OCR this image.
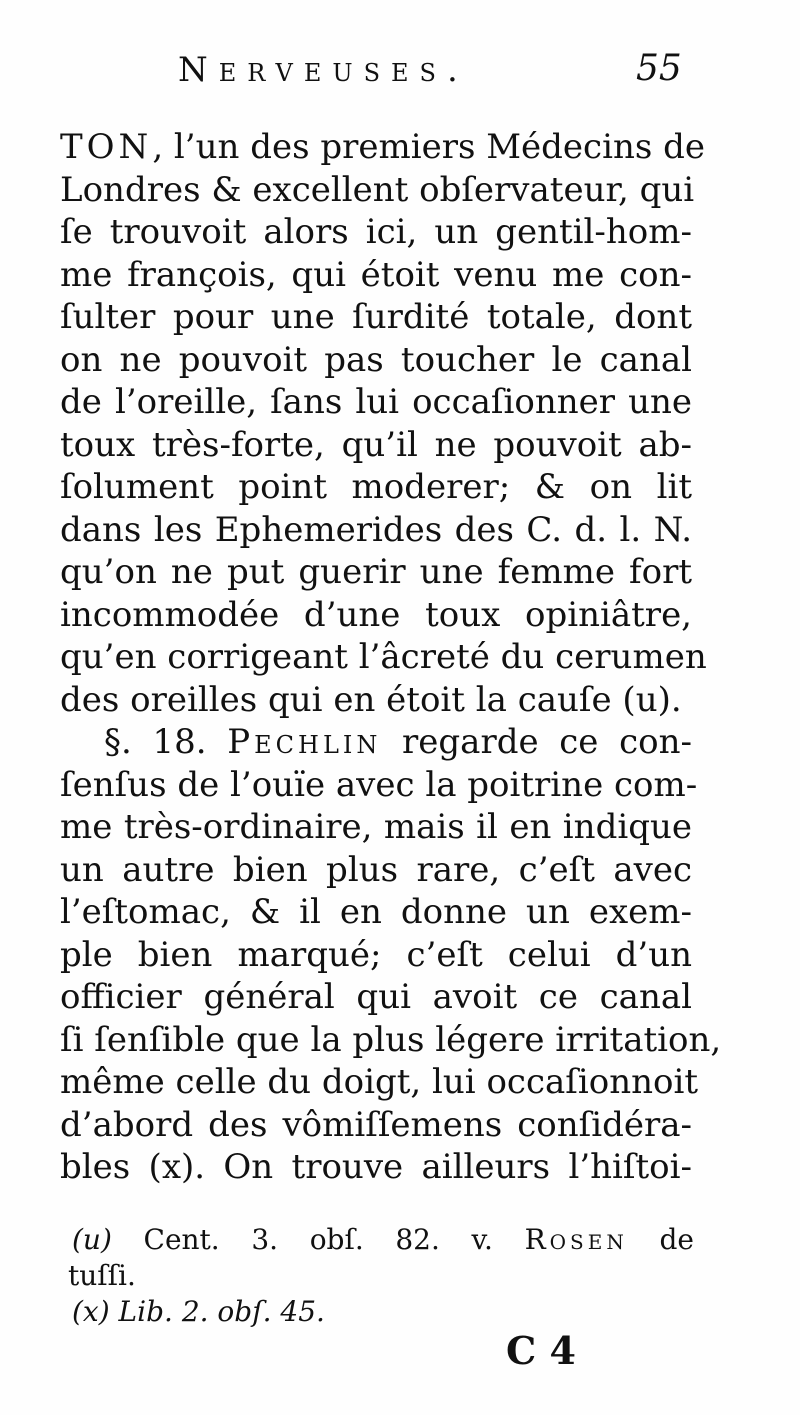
Nerveuses.	55
TON, l’un des premiers Médecins de
Londres & excellent obſervateur, qui
ſe trouvoit alors ici, un gentil-hom-
me françois, qui étoit venu me con-
ſulter pour une ſurdité totale, dont
on ne pouvoit pas toucher le canal
de l’oreille, ſans lui occaſionner une
toux très-forte, qu’il ne pouvoit ab-
ſolument point moderer; & on lit
dans les Ephemerides des C. d. l. N.
qu’on ne put guerir une femme fort
incommodée d’une toux opiniâtre,
qu’en corrigeant l’âcreté du cerumen
des oreilles qui en étoit la cauſe (u).
§. 18. Pechlin regarde ce con-
ſenſus de l’ouïe avec la poitrine com-
me très-ordinaire, mais il en indique
un autre bien plus rare, c’eſt avec
l’eſtomac, & il en donne un exem-
ple bien marqué; c’eſt celui d’un
officier général qui avoit ce canal
ſi ſenſible que la plus légere irritation,
même celle du doigt, lui occaſionnoit
d’abord des vômiſſemens conſidéra-
bles (x). On trouve ailleurs l’hiſtoi-
(u) Cent. 3. obſ. 82. v. Rosen de
tuſſi.
(x) Lib. 2. obſ. 45.
C 4
